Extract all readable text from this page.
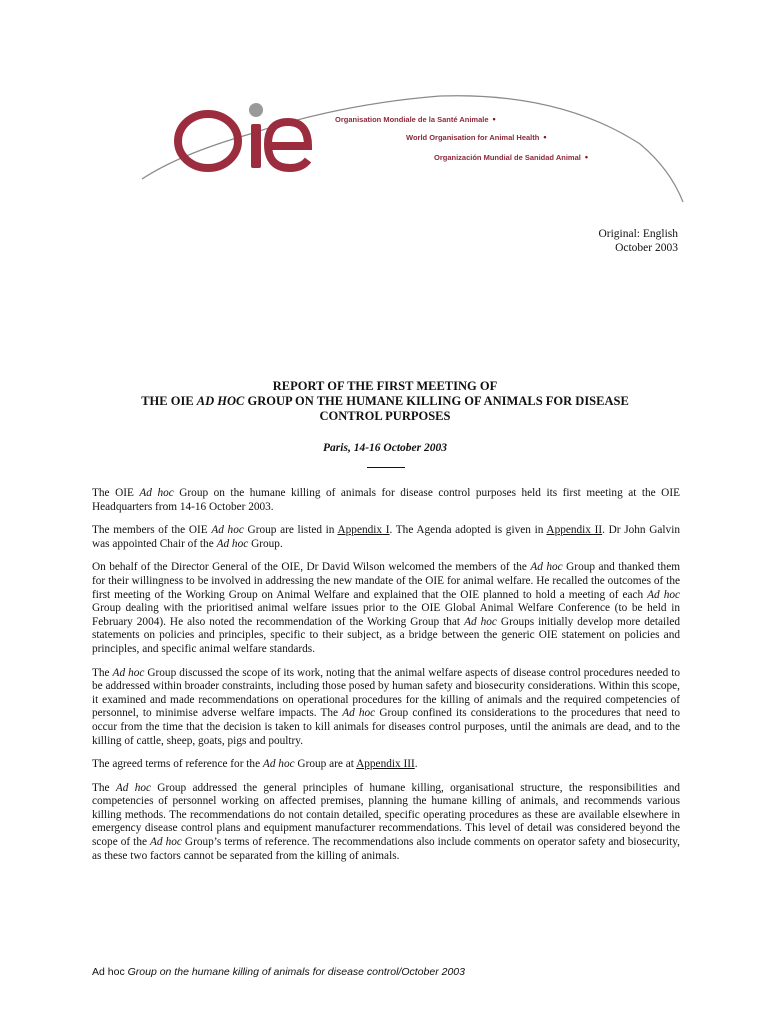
Organisation Mondiale de la Santé Animale •
World Organisation for Animal Health •
Organización Mundial de Sanidad Animal •
Original: English
October 2003
REPORT OF THE FIRST MEETING OF
THE OIE AD HOC GROUP ON THE HUMANE KILLING OF ANIMALS FOR DISEASE
CONTROL PURPOSES
Paris, 14-16 October 2003

The OIE Ad hoc Group on the humane killing of animals for disease control purposes held its first meeting at the OIE Headquarters from 14-16 October 2003.

The members of the OIE Ad hoc Group are listed in Appendix I. The Agenda adopted is given in Appendix II. Dr John Galvin was appointed Chair of the Ad hoc Group.

On behalf of the Director General of the OIE, Dr David Wilson welcomed the members of the Ad hoc Group and thanked them for their willingness to be involved in addressing the new mandate of the OIE for animal welfare. He recalled the outcomes of the first meeting of the Working Group on Animal Welfare and explained that the OIE planned to hold a meeting of each Ad hoc Group dealing with the prioritised animal welfare issues prior to the OIE Global Animal Welfare Conference (to be held in February 2004). He also noted the recommendation of the Working Group that Ad hoc Groups initially develop more detailed statements on policies and principles, specific to their subject, as a bridge between the generic OIE statement on policies and principles, and specific animal welfare standards.

The Ad hoc Group discussed the scope of its work, noting that the animal welfare aspects of disease control procedures needed to be addressed within broader constraints, including those posed by human safety and biosecurity considerations. Within this scope, it examined and made recommendations on operational procedures for the killing of animals and the required competencies of personnel, to minimise adverse welfare impacts. The Ad hoc Group confined its considerations to the procedures that need to occur from the time that the decision is taken to kill animals for diseases control purposes, until the animals are dead, and to the killing of cattle, sheep, goats, pigs and poultry.

The agreed terms of reference for the Ad hoc Group are at Appendix III.

The Ad hoc Group addressed the general principles of humane killing, organisational structure, the responsibilities and competencies of personnel working on affected premises, planning the humane killing of animals, and recommends various killing methods. The recommendations do not contain detailed, specific operating procedures as these are available elsewhere in emergency disease control plans and equipment manufacturer recommendations. This level of detail was considered beyond the scope of the Ad hoc Group’s terms of reference. The recommendations also include comments on operator safety and biosecurity, as these two factors cannot be separated from the killing of animals.

Ad hoc Group on the humane killing of animals for disease control/October 2003
